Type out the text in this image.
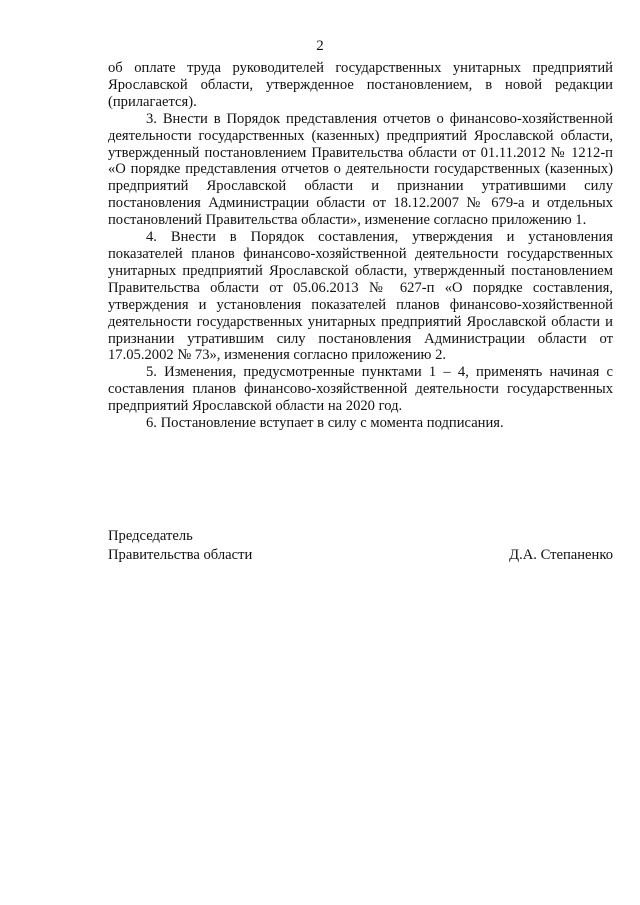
2

об оплате труда руководителей государственных унитарных предприятий Ярославской области, утвержденное постановлением, в новой редакции (прилагается).

3. Внести в Порядок представления отчетов о финансово-хозяйственной деятельности государственных (казенных) предприятий Ярославской области, утвержденный постановлением Правительства области от 01.11.2012 № 1212-п «О порядке представления отчетов о деятельности государственных (казенных) предприятий Ярославской области и признании утратившими силу постановления Администрации области от 18.12.2007 № 679-а и отдельных постановлений Правительства области», изменение согласно приложению 1.

4. Внести в Порядок составления, утверждения и установления показателей планов финансово-хозяйственной деятельности государственных унитарных предприятий Ярославской области, утвержденный постановлением Правительства области от 05.06.2013 № 627-п «О порядке составления, утверждения и установления показателей планов финансово-хозяйственной деятельности государственных унитарных предприятий Ярославской области и признании утратившим силу постановления Администрации области от 17.05.2002 № 73», изменения согласно приложению 2.

5. Изменения, предусмотренные пунктами 1 – 4, применять начиная с составления планов финансово-хозяйственной деятельности государственных предприятий Ярославской области на 2020 год.

6. Постановление вступает в силу с момента подписания.

Председатель
Правительства области	Д.А. Степаненко
